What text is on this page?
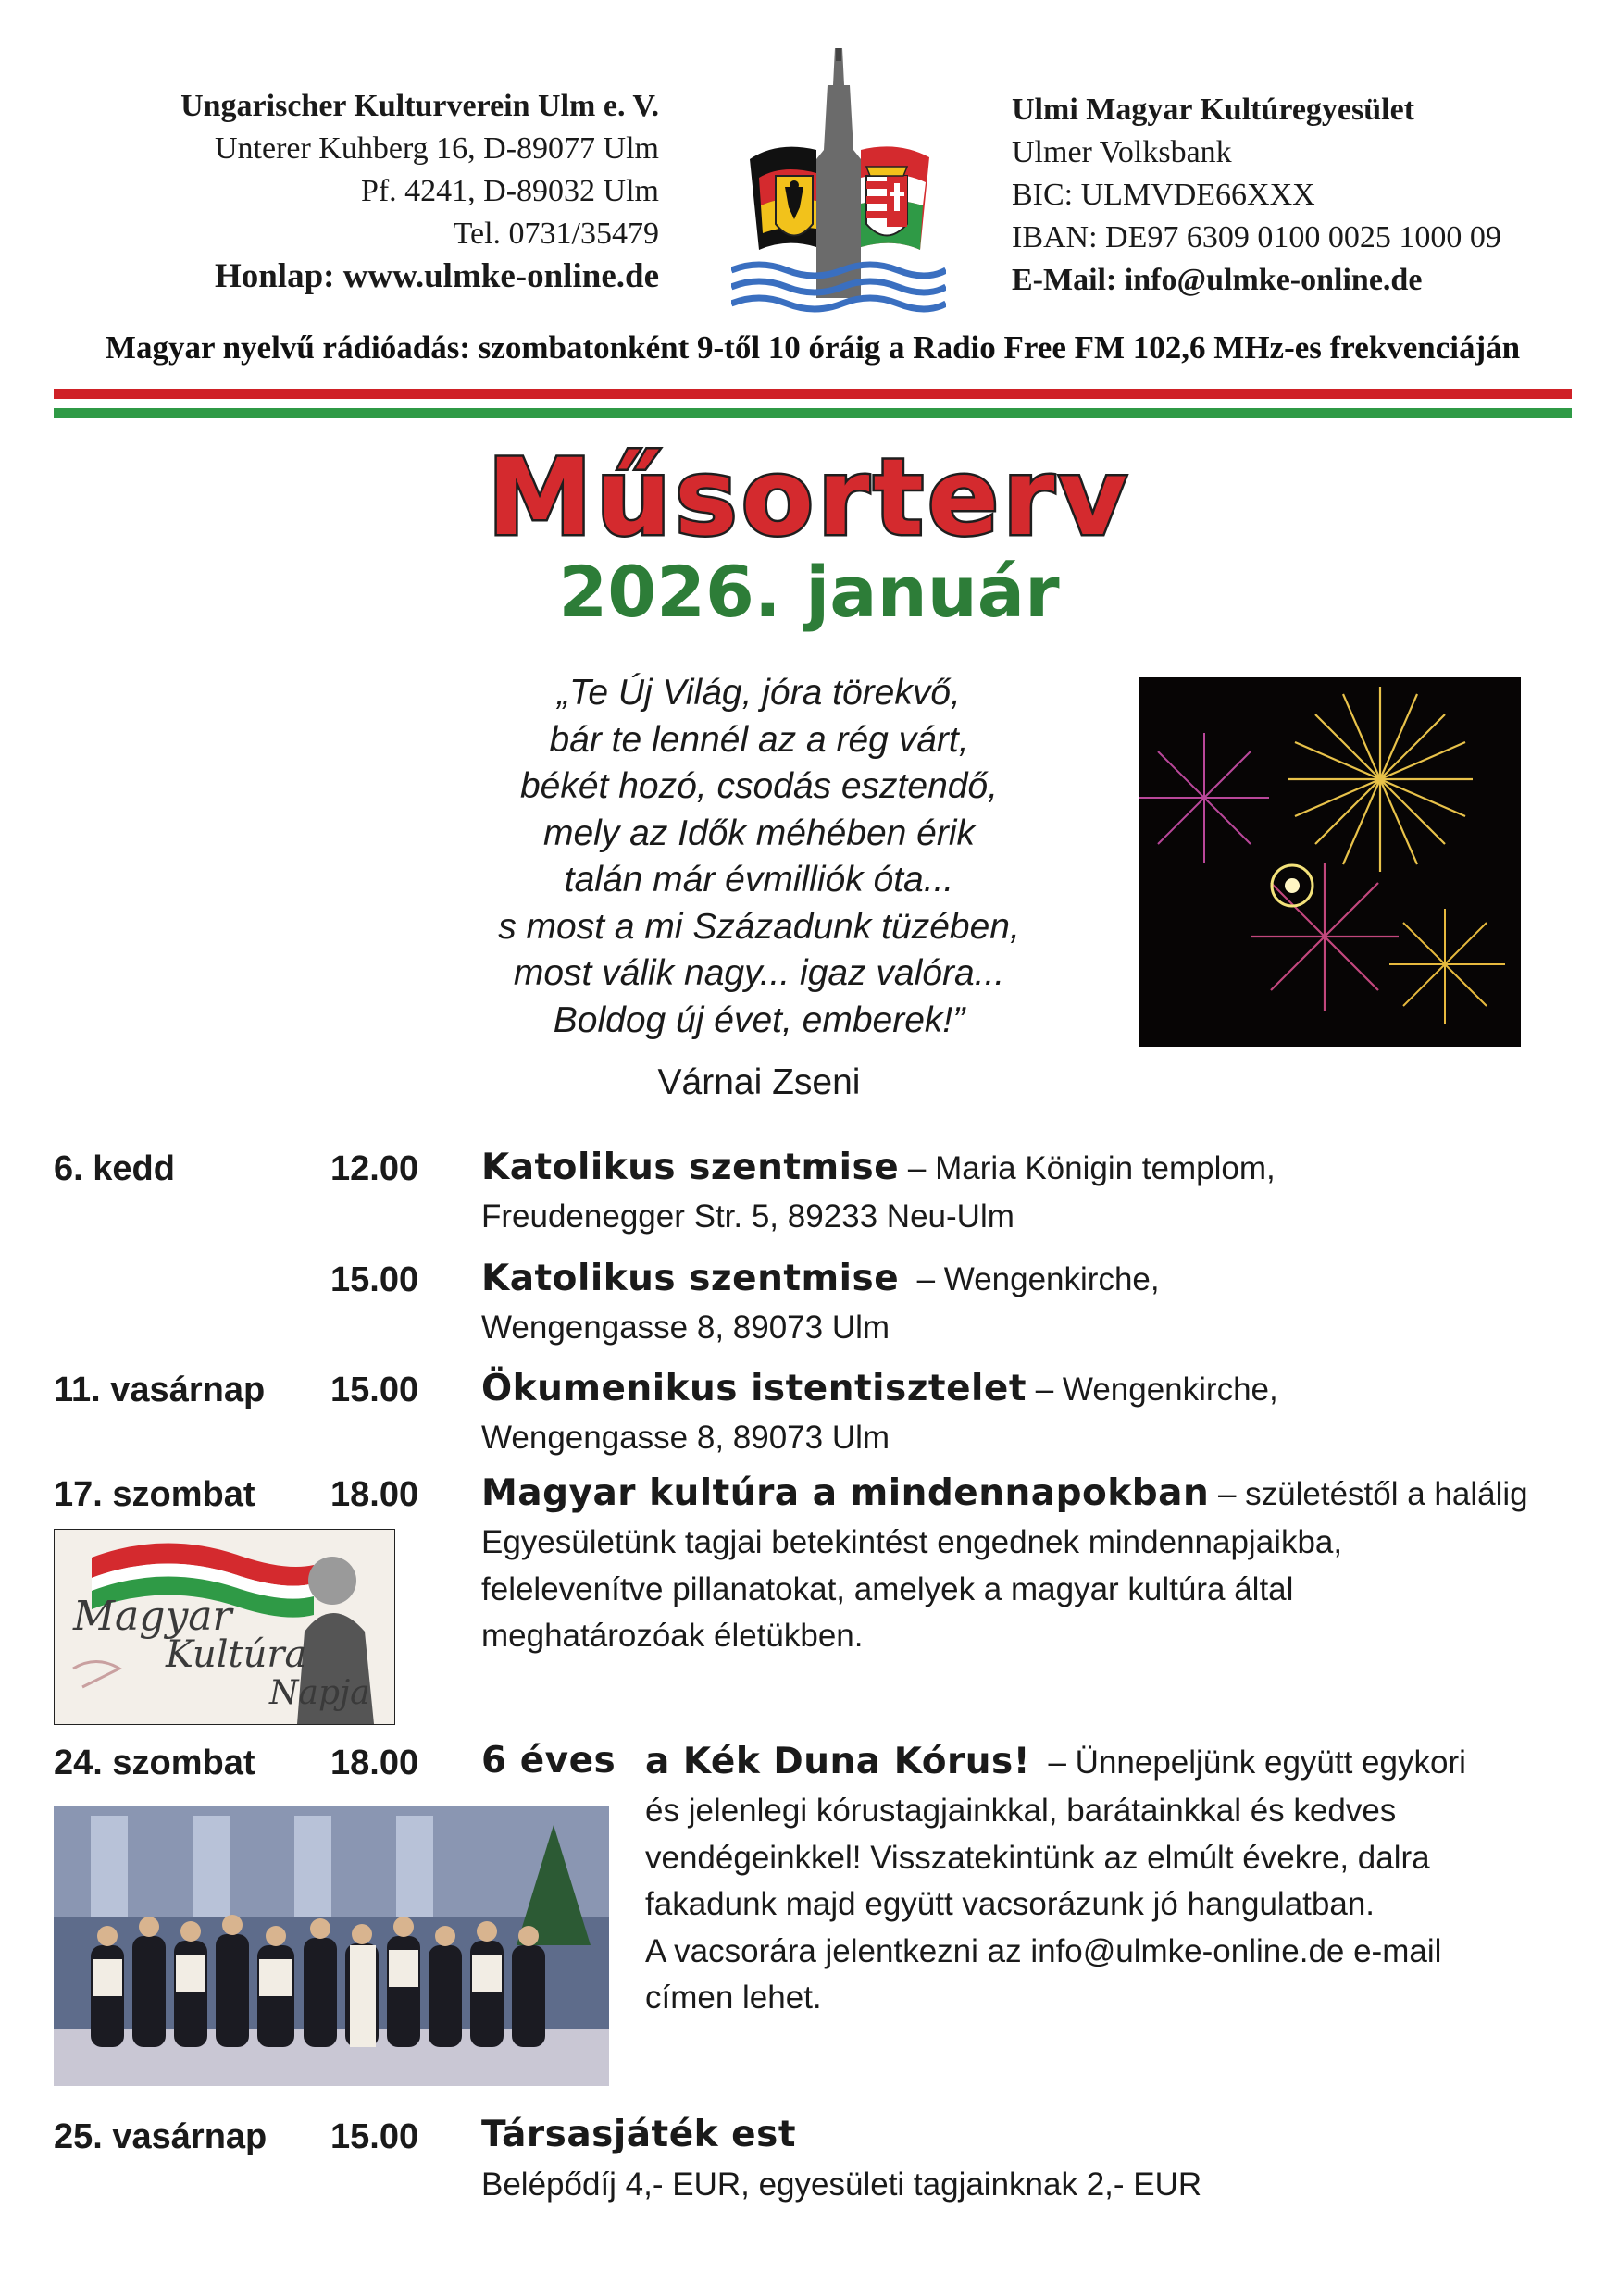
Ungarischer Kulturverein Ulm e. V.
Unterer Kuhberg 16, D-89077 Ulm
Pf. 4241, D-89032 Ulm
Tel. 0731/35479
Honlap: www.ulmke-online.de
Ulmi Magyar Kultúregyesület
Ulmer Volksbank
BIC: ULMVDE66XXX
IBAN: DE97 6309 0100 0025 1000 09
E-Mail: info@ulmke-online.de
Magyar nyelvű rádióadás: szombatonként 9-től 10 óráig a Radio Free FM 102,6 MHz-es frekvenciáján
Műsorterv
2026. január
„Te Új Világ, jóra törekvő,
bár te lennél az a rég várt,
békét hozó, csodás esztendő,
mely az Idők méhében érik
talán már évmilliók óta...
s most a mi Századunk tüzében,
most válik nagy... igaz valóra...
Boldog új évet, emberek!”
Várnai Zseni
6. kedd	12.00 Katolikus szentmise – Maria Königin templom,
Freudenegger Str. 5, 89233 Neu-Ulm
15.00 Katolikus szentmise  – Wengenkirche,
Wengengasse 8, 89073 Ulm
11. vasárnap 15.00 Ökumenikus istentisztelet – Wengenkirche,
Wengengasse 8, 89073 Ulm
17. szombat 18.00 Magyar kultúra a mindennapokban – születéstől a halálig
Egyesületünk tagjai betekintést engednek mindennapjaikba,
felelevenítve pillanatokat, amelyek a magyar kultúra által
meghatározóak életükben.
Magyar
Kultúra
Napja
24. szombat 18.00 6 éves a Kék Duna Kórus!  – Ünnepeljünk együtt egykori
és jelenlegi kórustagjainkkal, barátainkkal és kedves
vendégeinkkel! Visszatekintünk az elmúlt évekre, dalra
fakadunk majd együtt vacsorázunk jó hangulatban.
A vacsorára jelentkezni az info@ulmke-online.de e-mail
címen lehet.
25. vasárnap 15.00 Társasjáték est
Belépődíj 4,- EUR, egyesületi tagjainknak 2,- EUR
